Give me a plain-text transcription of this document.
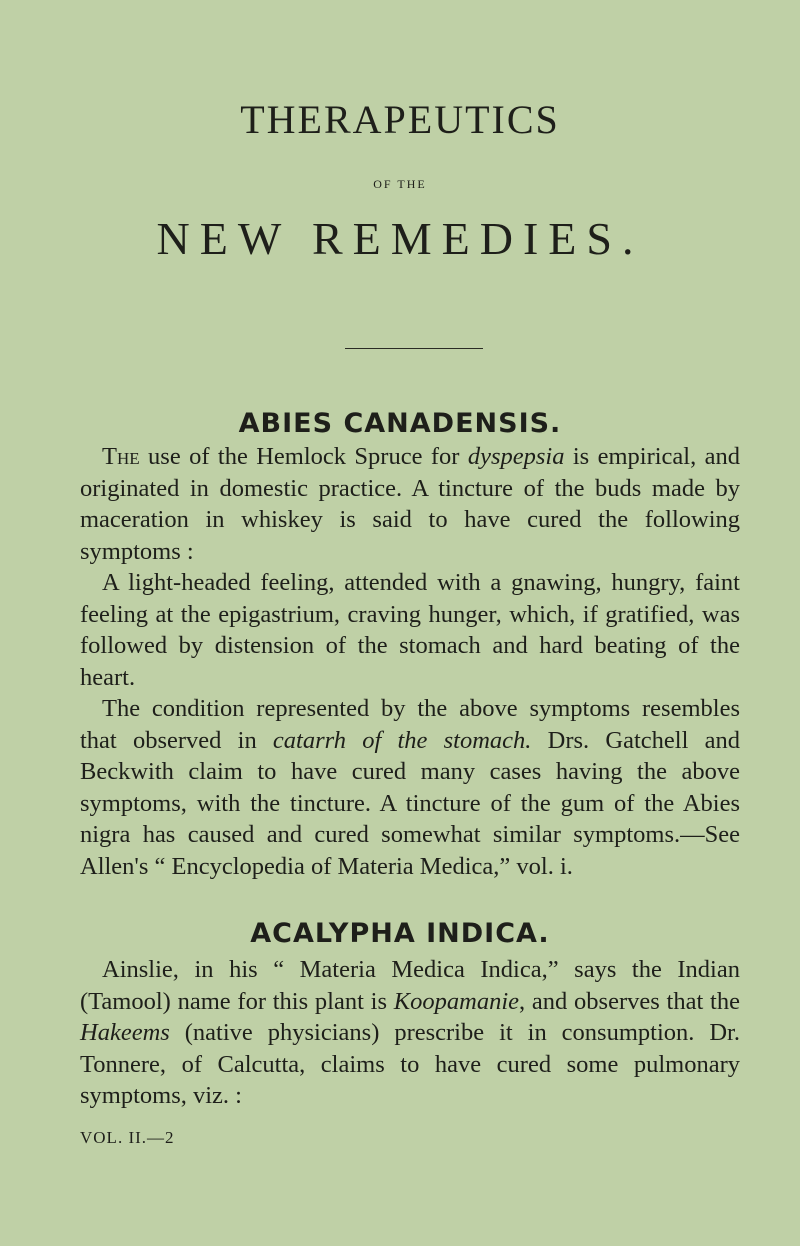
THERAPEUTICS
OF THE
NEW REMEDIES.
ABIES CANADENSIS.

The use of the Hemlock Spruce for dyspepsia is empirical, and originated in domestic practice. A tincture of the buds made by maceration in whiskey is said to have cured the following symptoms :

A light-headed feeling, attended with a gnawing, hungry, faint feeling at the epigastrium, craving hunger, which, if gratified, was followed by distension of the stomach and hard beating of the heart.

The condition represented by the above symptoms resembles that observed in catarrh of the stomach. Drs. Gatchell and Beckwith claim to have cured many cases having the above symptoms, with the tincture. A tincture of the gum of the Abies nigra has caused and cured somewhat similar symptoms.—See Allen's “ Encyclopedia of Materia Medica,” vol. i.

ACALYPHA INDICA.

Ainslie, in his “ Materia Medica Indica,” says the Indian (Tamool) name for this plant is Koopamanie, and observes that the Hakeems (native physicians) prescribe it in consumption. Dr. Tonnere, of Calcutta, claims to have cured some pulmonary symptoms, viz. :

VOL. II.—2
